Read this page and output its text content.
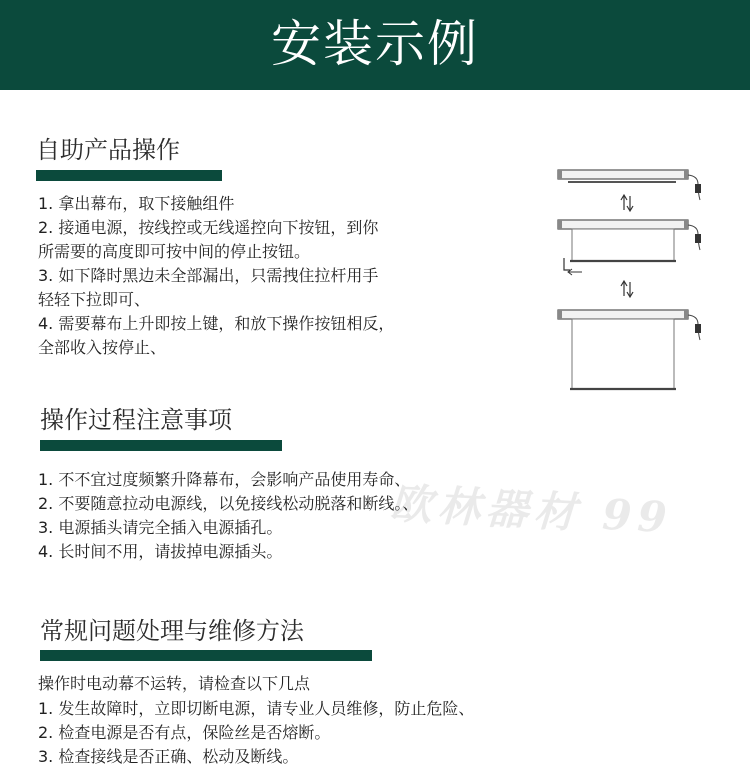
安装示例
自助产品操作
1. 拿出幕布，取下接触组件
2. 接通电源，按线控或无线遥控向下按钮，到你
所需要的高度即可按中间的停止按钮。
3. 如下降时黑边未全部漏出，只需拽住拉杆用手
轻轻下拉即可、
4. 需要幕布上升即按上键，和放下操作按钮相反，
全部收入按停止、
操作过程注意事项
1. 不不宜过度频繁升降幕布，会影响产品使用寿命、
2. 不要随意拉动电源线，以免接线松动脱落和断线。、
3. 电源插头请完全插入电源插孔。
4. 长时间不用，请拔掉电源插头。
欧林器材 99
常规问题处理与维修方法
操作时电动幕不运转，请检查以下几点
1. 发生故障时，立即切断电源，请专业人员维修，防止危险、
2. 检查电源是否有点，保险丝是否熔断。
3. 检查接线是否正确、松动及断线。
